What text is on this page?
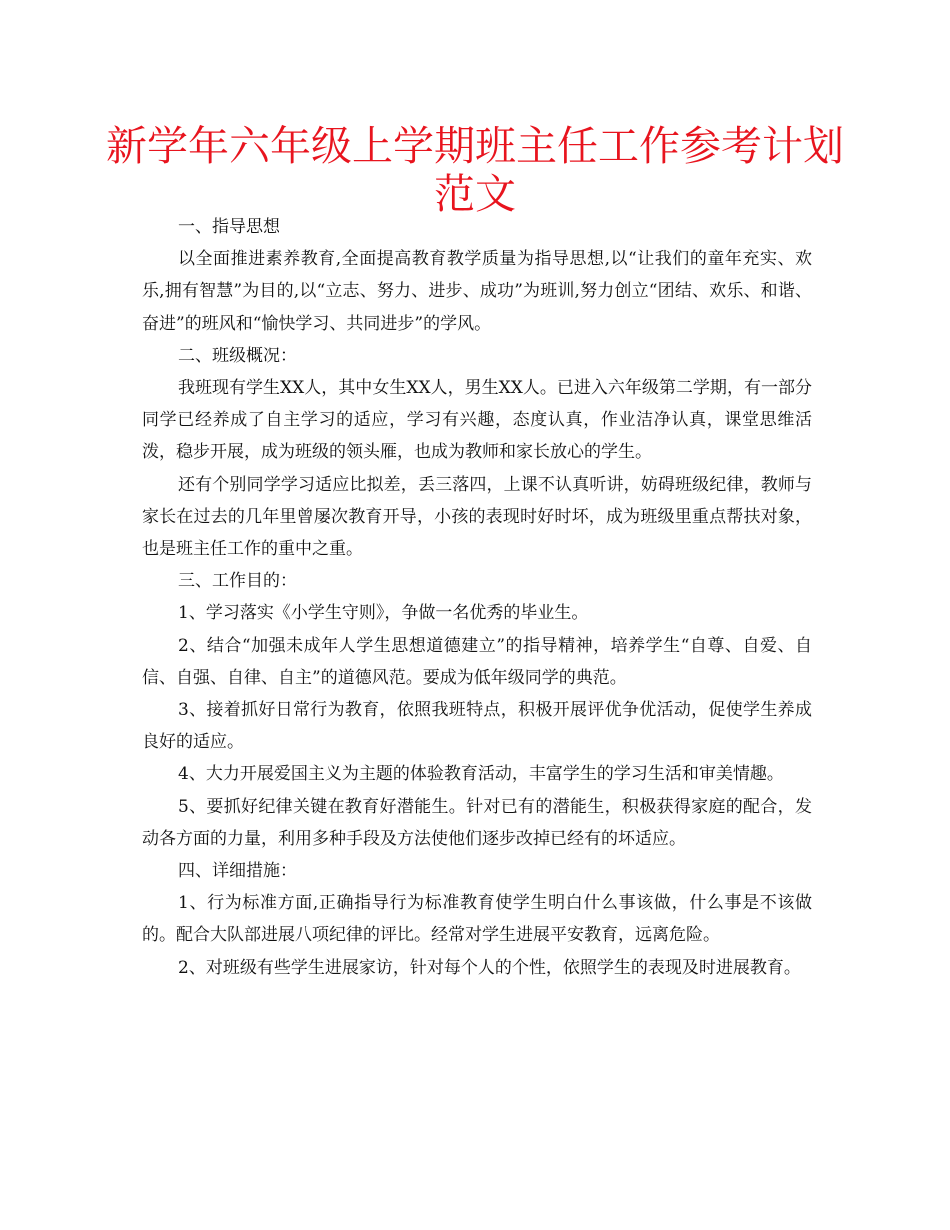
新学年六年级上学期班主任工作参考计划
范文

一、指导思想

以全面推进素养教育,全面提高教育教学质量为指导思想,以“让我们的童年充实、欢乐,拥有智慧”为目的,以“立志、努力、进步、成功”为班训,努力创立“团结、欢乐、和谐、奋进”的班风和“愉快学习、共同进步”的学风。

二、班级概况：

我班现有学生XX人，其中女生XX人，男生XX人。已进入六年级第二学期，有一部分同学已经养成了自主学习的适应，学习有兴趣，态度认真，作业洁净认真，课堂思维活泼，稳步开展，成为班级的领头雁，也成为教师和家长放心的学生。

还有个别同学学习适应比拟差，丢三落四，上课不认真听讲，妨碍班级纪律，教师与家长在过去的几年里曾屡次教育开导，小孩的表现时好时坏，成为班级里重点帮扶对象，也是班主任工作的重中之重。

三、工作目的：

1、学习落实《小学生守则》，争做一名优秀的毕业生。

2、结合“加强未成年人学生思想道德建立”的指导精神，培养学生“自尊、自爱、自信、自强、自律、自主”的道德风范。要成为低年级同学的典范。

3、接着抓好日常行为教育，依照我班特点，积极开展评优争优活动，促使学生养成良好的适应。

4、大力开展爱国主义为主题的体验教育活动，丰富学生的学习生活和审美情趣。

5、要抓好纪律关键在教育好潜能生。针对已有的潜能生，积极获得家庭的配合，发动各方面的力量，利用多种手段及方法使他们逐步改掉已经有的坏适应。

四、详细措施：

1、行为标准方面,正确指导行为标准教育使学生明白什么事该做，什么事是不该做的。配合大队部进展八项纪律的评比。经常对学生进展平安教育，远离危险。

2、对班级有些学生进展家访，针对每个人的个性，依照学生的表现及时进展教育。
